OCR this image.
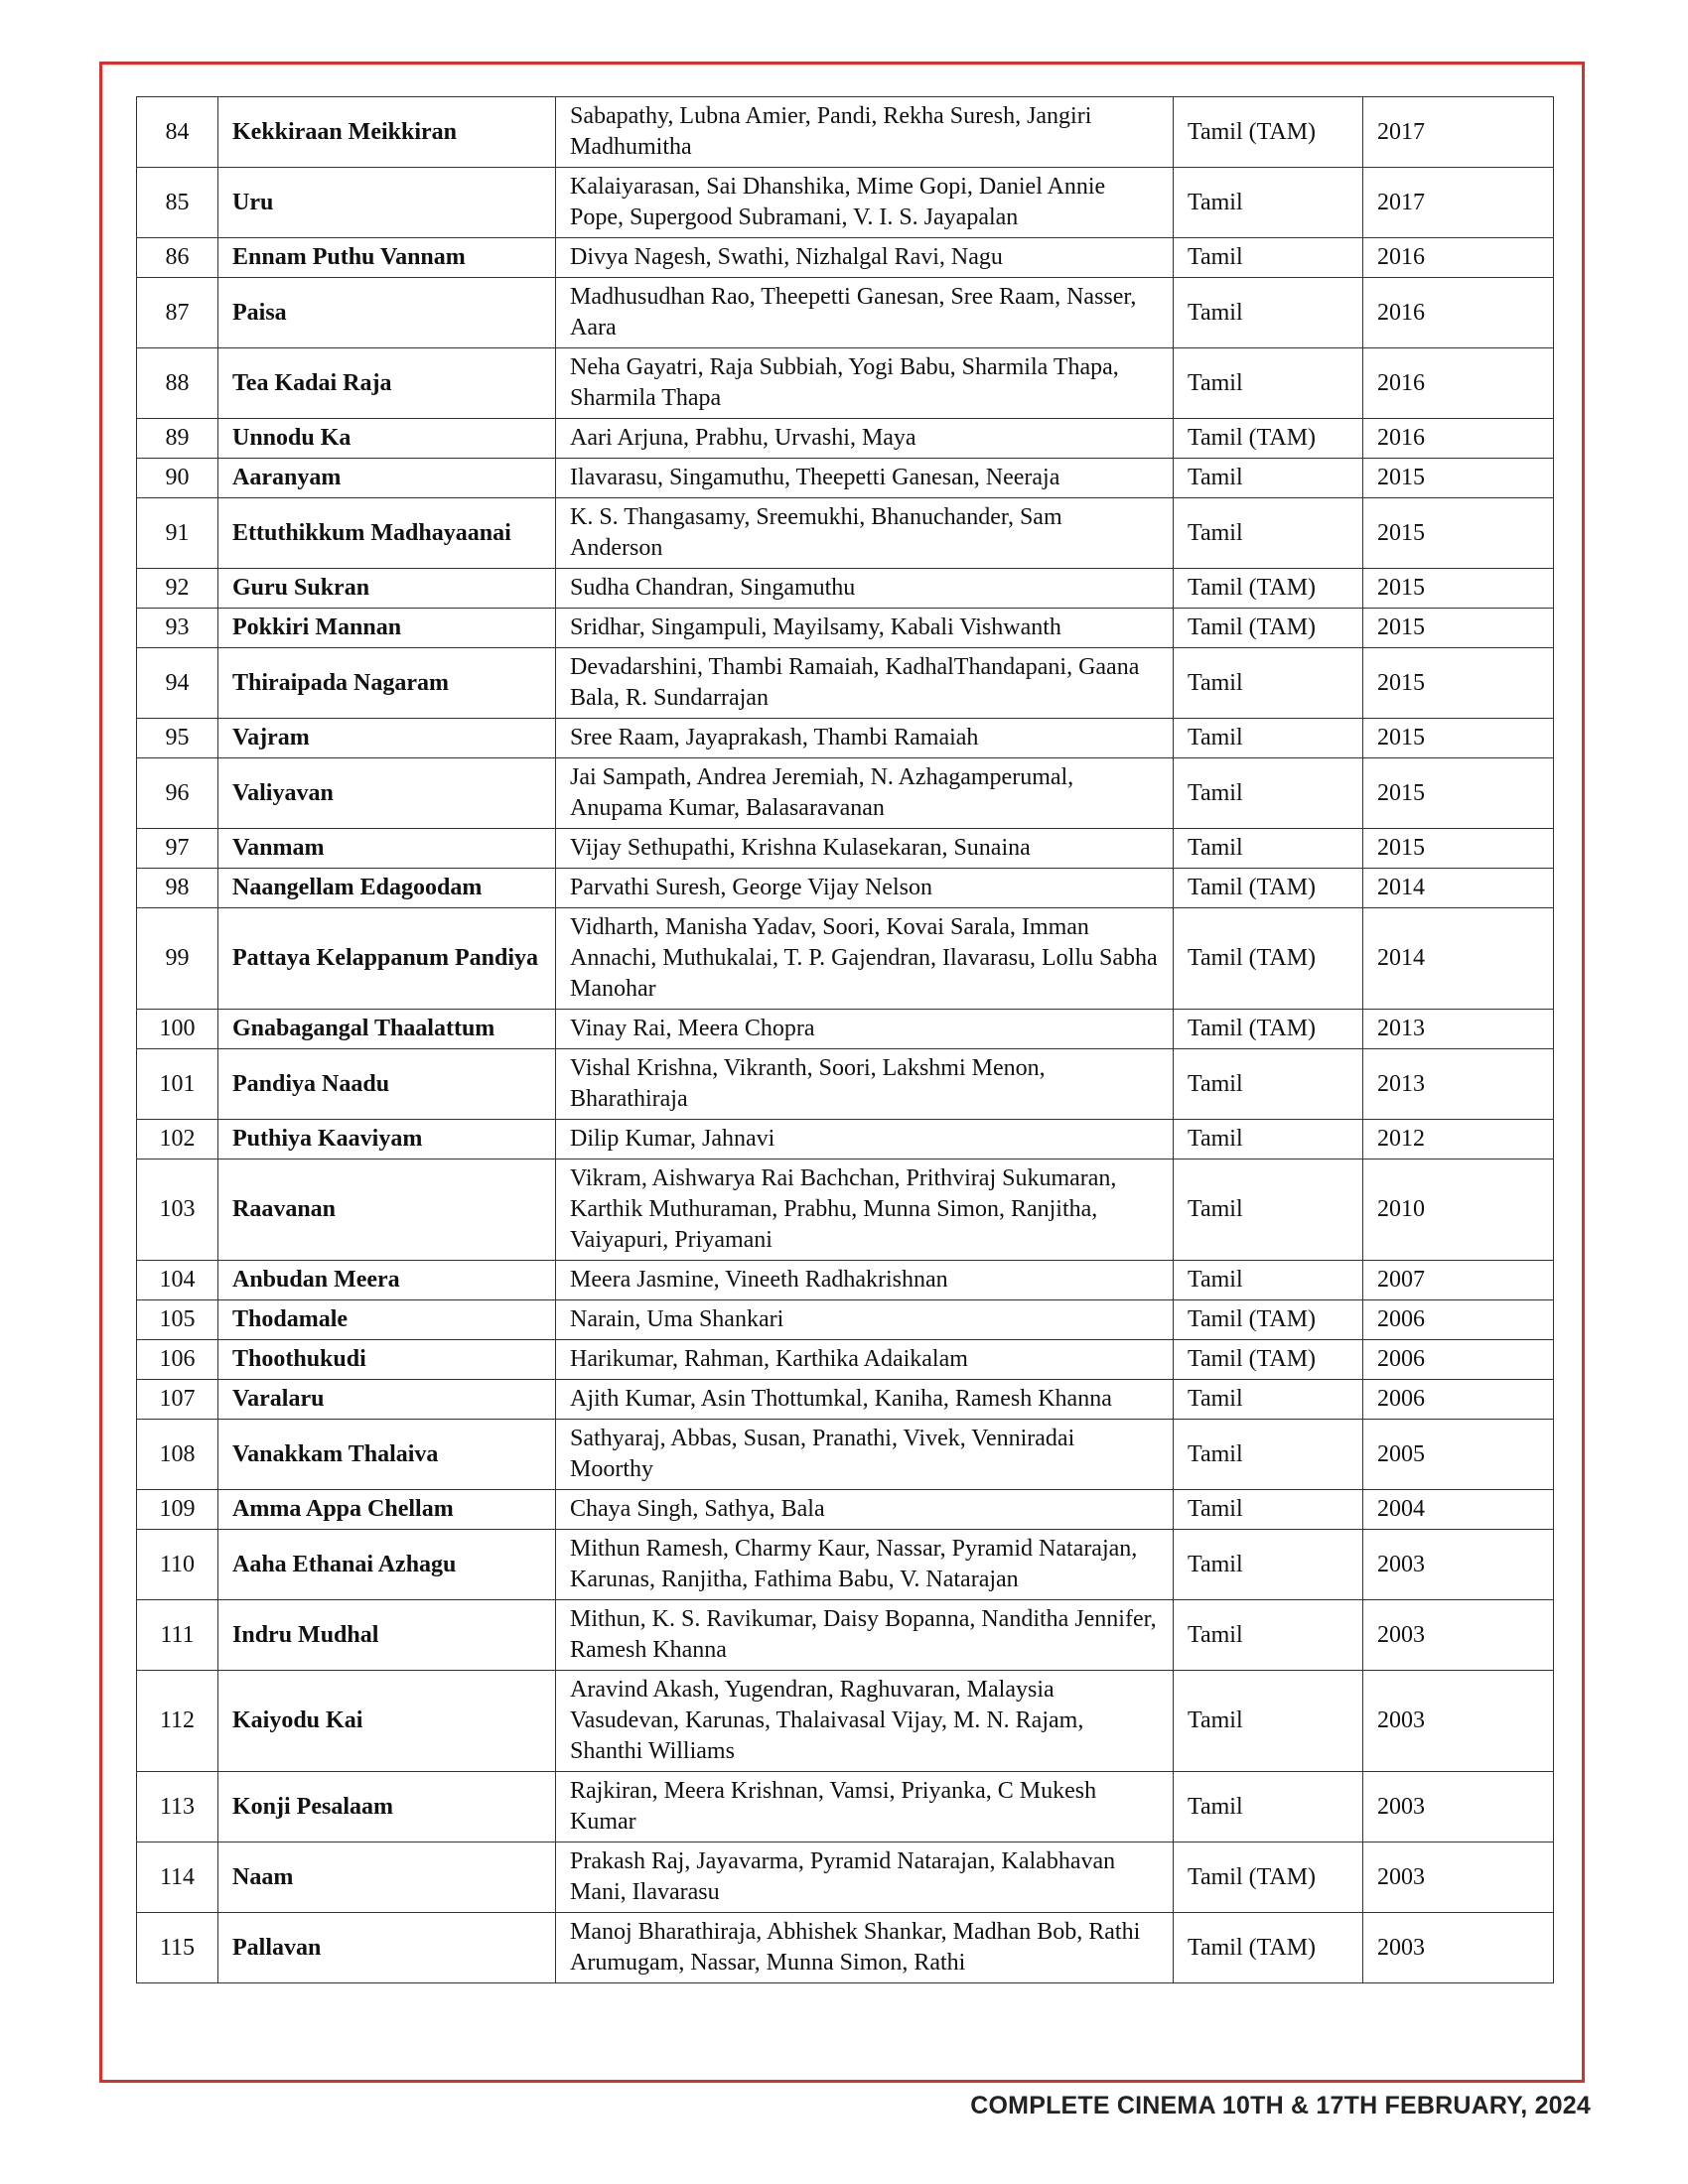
84	Kekkiraan Meikkiran	Sabapathy, Lubna Amier, Pandi, Rekha Suresh, Jangiri Madhumitha	Tamil (TAM)	2017
85	Uru	Kalaiyarasan, Sai Dhanshika, Mime Gopi, Daniel Annie Pope, Supergood Subramani, V. I. S. Jayapalan	Tamil	2017
86	Ennam Puthu Vannam	Divya Nagesh, Swathi, Nizhalgal Ravi, Nagu	Tamil	2016
87	Paisa	Madhusudhan Rao, Theepetti Ganesan, Sree Raam, Nasser, Aara	Tamil	2016
88	Tea Kadai Raja	Neha Gayatri, Raja Subbiah, Yogi Babu, Sharmila Thapa, Sharmila Thapa	Tamil	2016
89	Unnodu Ka	Aari Arjuna, Prabhu, Urvashi, Maya	Tamil (TAM)	2016
90	Aaranyam	Ilavarasu, Singamuthu, Theepetti Ganesan, Neeraja	Tamil	2015
91	Ettuthikkum Madhayaanai	K. S. Thangasamy, Sreemukhi, Bhanuchander, Sam Anderson	Tamil	2015
92	Guru Sukran	Sudha Chandran, Singamuthu	Tamil (TAM)	2015
93	Pokkiri Mannan	Sridhar, Singampuli, Mayilsamy, Kabali Vishwanth	Tamil (TAM)	2015
94	Thiraipada Nagaram	Devadarshini, Thambi Ramaiah, KadhalThandapani, Gaana Bala, R. Sundarrajan	Tamil	2015
95	Vajram	Sree Raam, Jayaprakash, Thambi Ramaiah	Tamil	2015
96	Valiyavan	Jai Sampath, Andrea Jeremiah, N. Azhagamperumal, Anupama Kumar, Balasaravanan	Tamil	2015
97	Vanmam	Vijay Sethupathi, Krishna Kulasekaran, Sunaina	Tamil	2015
98	Naangellam Edagoodam	Parvathi Suresh, George Vijay Nelson	Tamil (TAM)	2014
99	Pattaya Kelappanum Pandiya	Vidharth, Manisha Yadav, Soori, Kovai Sarala, Imman Annachi, Muthukalai, T. P. Gajendran, Ilavarasu, Lollu Sabha Manohar	Tamil (TAM)	2014
100	Gnabagangal Thaalattum	Vinay Rai, Meera Chopra	Tamil (TAM)	2013
101	Pandiya Naadu	Vishal Krishna, Vikranth, Soori, Lakshmi Menon, Bharathiraja	Tamil	2013
102	Puthiya Kaaviyam	Dilip Kumar, Jahnavi	Tamil	2012
103	Raavanan	Vikram, Aishwarya Rai Bachchan, Prithviraj Sukumaran, Karthik Muthuraman, Prabhu, Munna Simon, Ranjitha, Vaiyapuri, Priyamani	Tamil	2010
104	Anbudan Meera	Meera Jasmine, Vineeth Radhakrishnan	Tamil	2007
105	Thodamale	Narain, Uma Shankari	Tamil (TAM)	2006
106	Thoothukudi	Harikumar, Rahman, Karthika Adaikalam	Tamil (TAM)	2006
107	Varalaru	Ajith Kumar, Asin Thottumkal, Kaniha, Ramesh Khanna	Tamil	2006
108	Vanakkam Thalaiva	Sathyaraj, Abbas, Susan, Pranathi, Vivek, Venniradai Moorthy	Tamil	2005
109	Amma Appa Chellam	Chaya Singh, Sathya, Bala	Tamil	2004
110	Aaha Ethanai Azhagu	Mithun Ramesh, Charmy Kaur, Nassar, Pyramid Natarajan, Karunas, Ranjitha, Fathima Babu, V. Natarajan	Tamil	2003
111	Indru Mudhal	Mithun, K. S. Ravikumar, Daisy Bopanna, Nanditha Jennifer, Ramesh Khanna	Tamil	2003
112	Kaiyodu Kai	Aravind Akash, Yugendran, Raghuvaran, Malaysia Vasudevan, Karunas, Thalaivasal Vijay, M. N. Rajam, Shanthi Williams	Tamil	2003
113	Konji Pesalaam	Rajkiran, Meera Krishnan, Vamsi, Priyanka, C Mukesh Kumar	Tamil	2003
114	Naam	Prakash Raj, Jayavarma, Pyramid Natarajan, Kalabhavan Mani, Ilavarasu	Tamil (TAM)	2003
115	Pallavan	Manoj Bharathiraja, Abhishek Shankar, Madhan Bob, Rathi Arumugam, Nassar, Munna Simon, Rathi	Tamil (TAM)	2003
COMPLETE CINEMA 10TH & 17TH FEBRUARY, 2024
